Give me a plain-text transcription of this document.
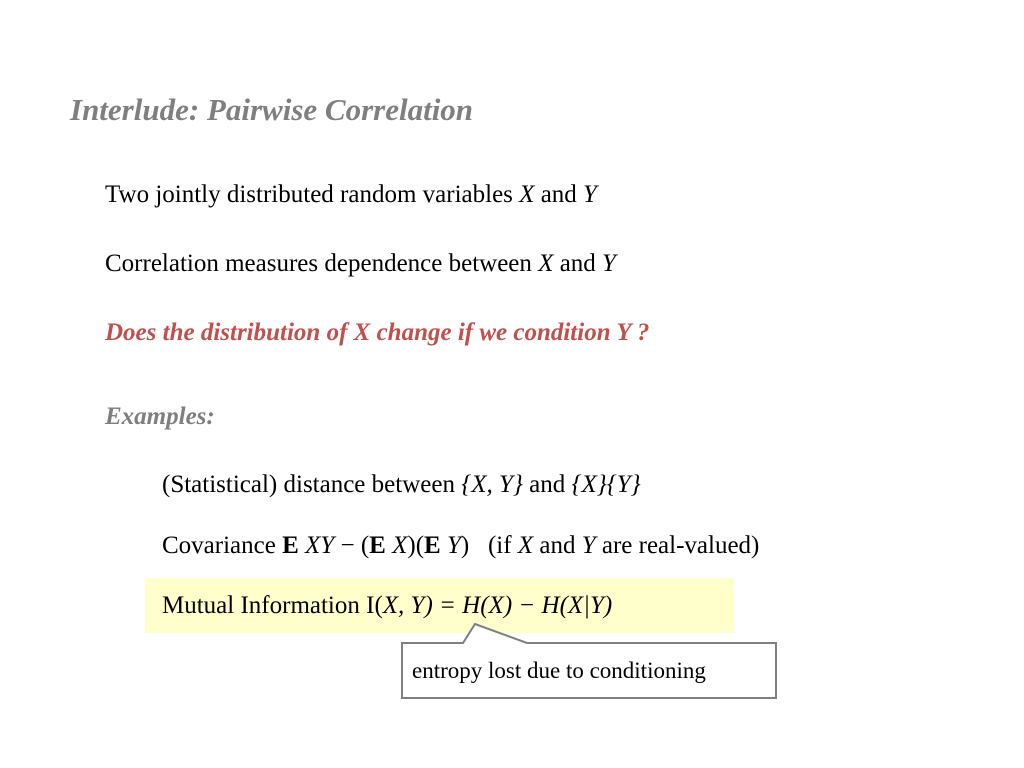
Interlude: Pairwise Correlation
Two jointly distributed random variables X and Y
Correlation measures dependence between X and Y
Does the distribution of X change if we condition Y ?
Examples:
(Statistical) distance between {X, Y} and {X}{Y}
Covariance E XY − (E X)(E Y)   (if X and Y are real-valued)
Mutual Information I(X, Y) = H(X) − H(X|Y)
entropy lost due to conditioning
